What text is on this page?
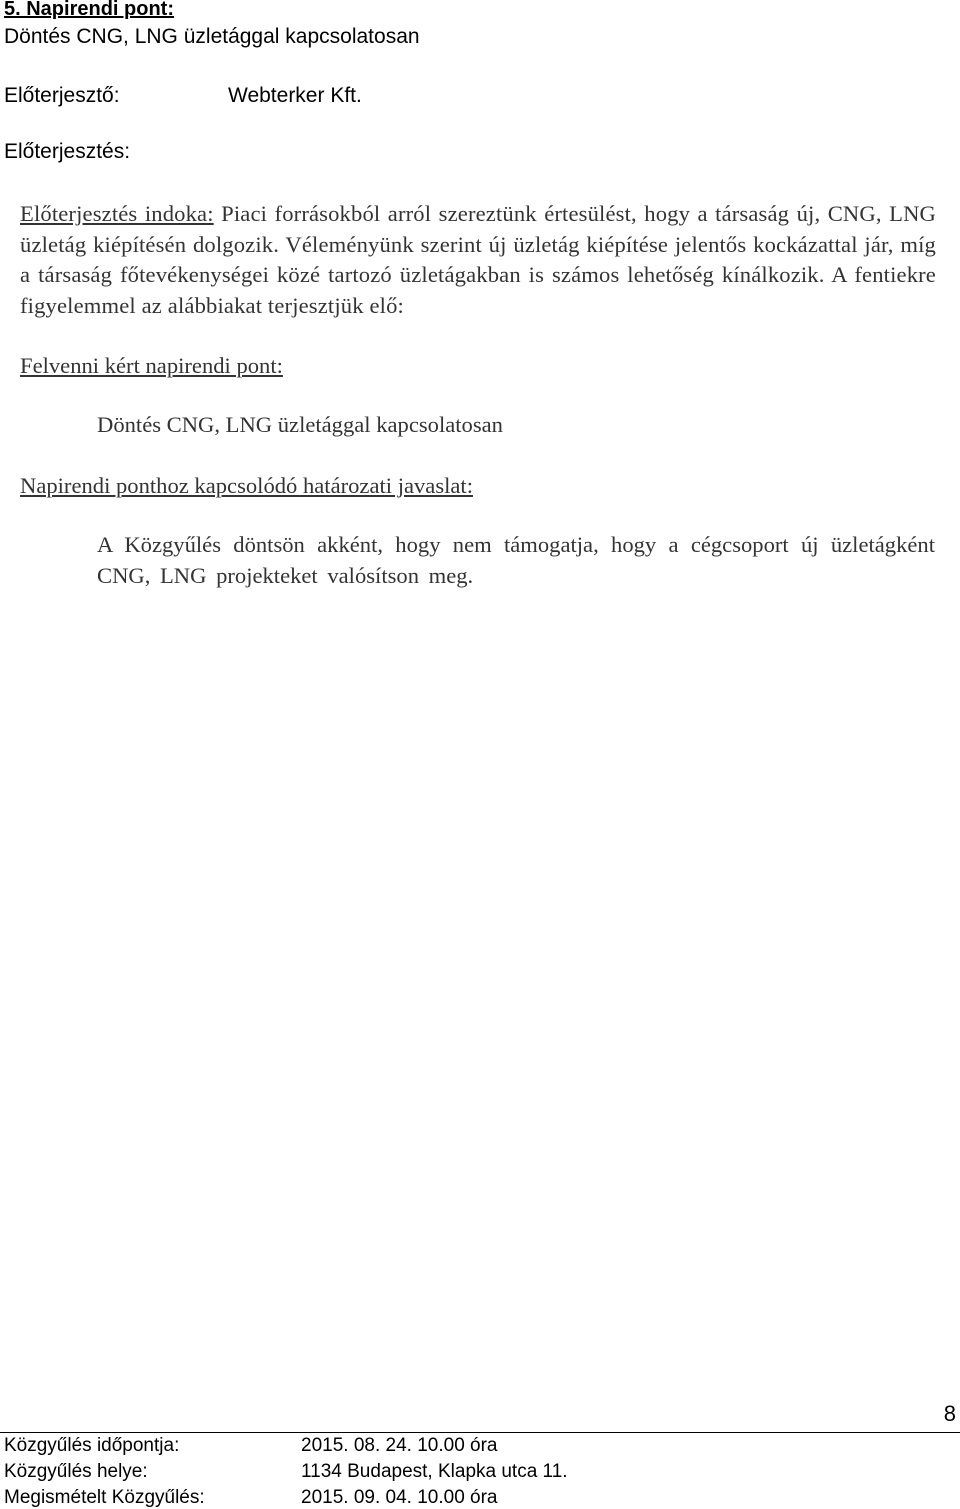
5. Napirendi pont:
Döntés CNG, LNG üzletággal kapcsolatosan
Előterjesztő:	Webterker Kft.
Előterjesztés:
Előterjesztés indoka: Piaci forrásokból arról szereztünk értesülést, hogy a társaság új, CNG, LNG üzletág kiépítésén dolgozik. Véleményünk szerint új üzletág kiépítése jelentős kockázattal jár, míg a társaság főtevékenységei közé tartozó üzletágakban is számos lehetőség kínálkozik. A fentiekre figyelemmel az alábbiakat terjesztjük elő:
Felvenni kért napirendi pont:
Döntés CNG, LNG üzletággal kapcsolatosan
Napirendi ponthoz kapcsolódó határozati javaslat:
A Közgyűlés döntsön akként, hogy nem támogatja, hogy a cégcsoport új üzletágként CNG, LNG projekteket valósítson meg.
8
Közgyűlés időpontja:	2015. 08. 24. 10.00 óra
Közgyűlés helye:	1134 Budapest, Klapka utca 11.
Megismételt Közgyűlés:	2015. 09. 04. 10.00 óra
